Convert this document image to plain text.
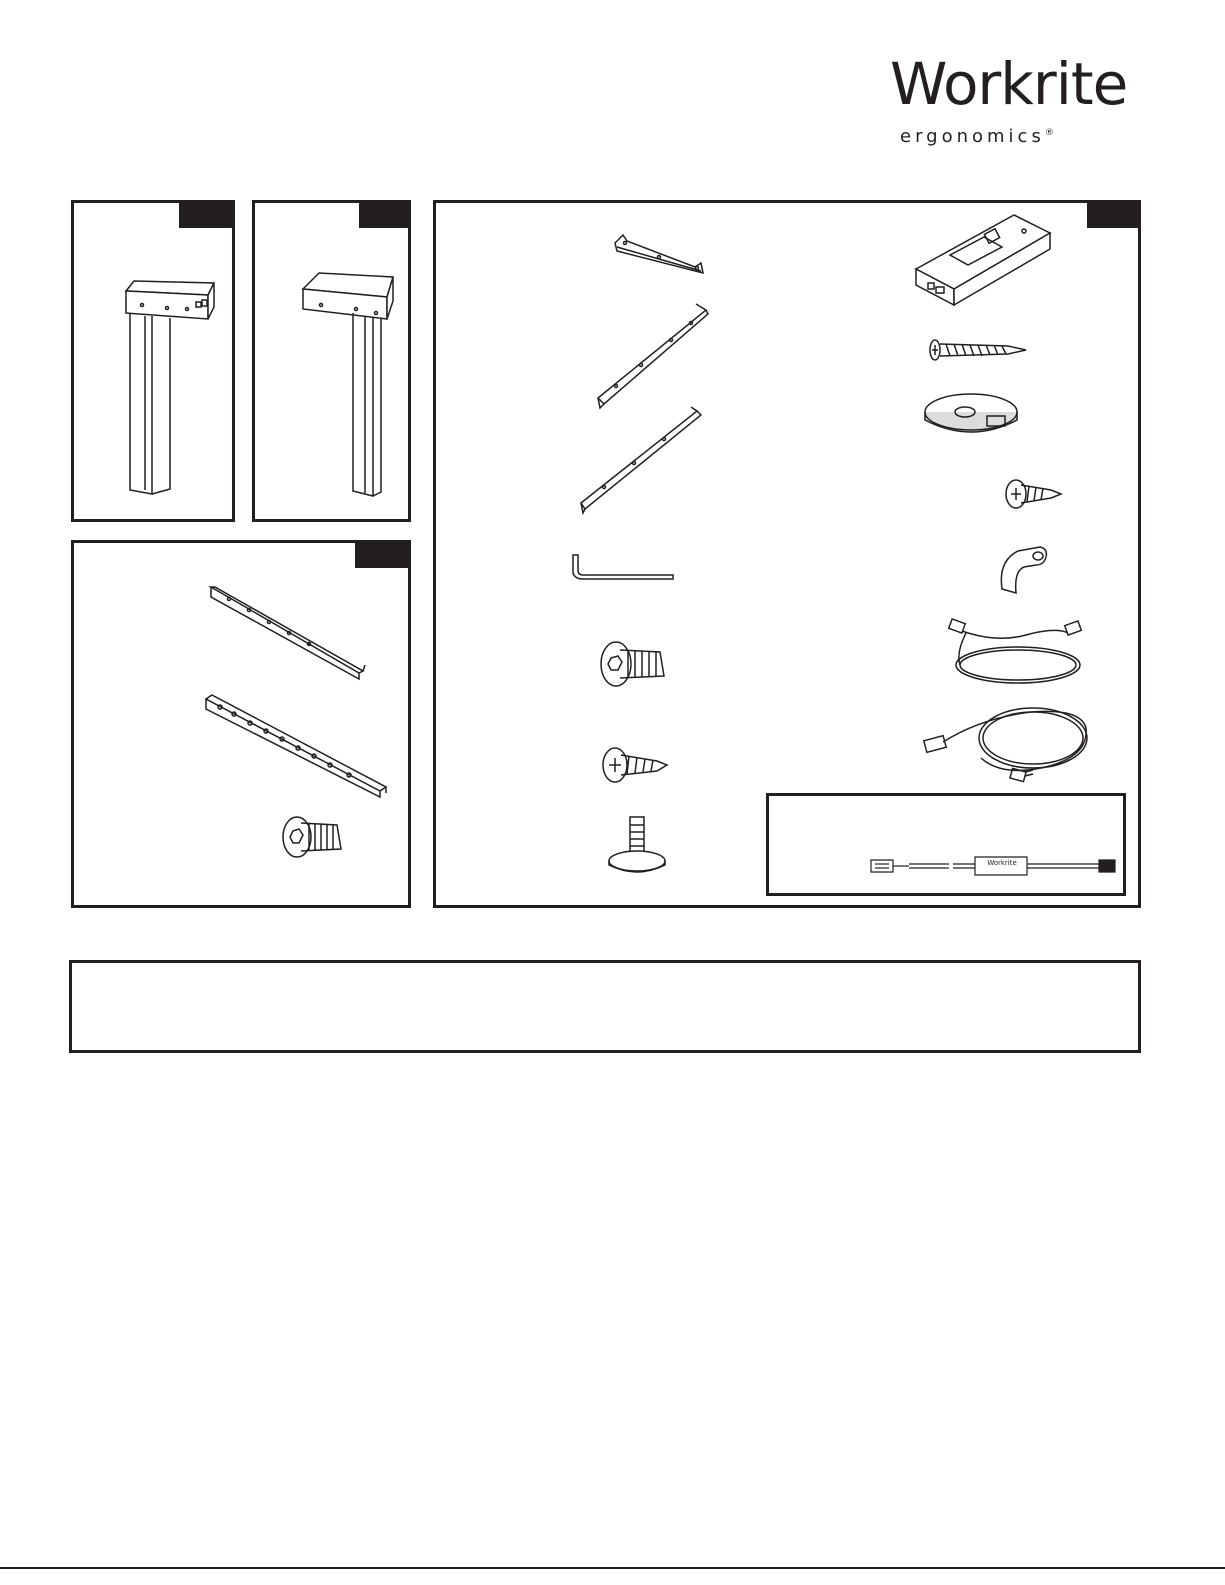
Workrite
ergonomics®
Workrite
